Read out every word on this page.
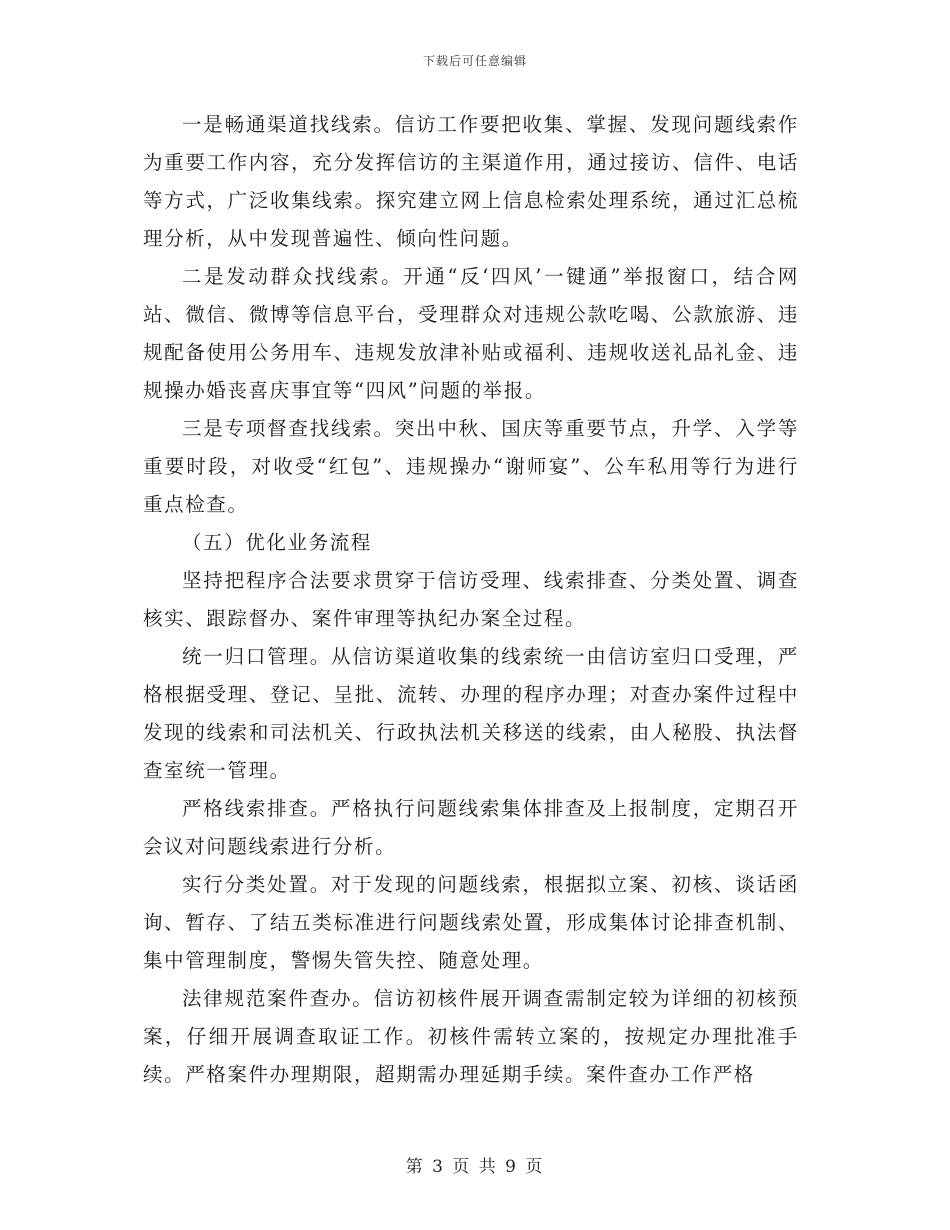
下载后可任意编辑

一是畅通渠道找线索。信访工作要把收集、掌握、发现问题线索作为重要工作内容，充分发挥信访的主渠道作用，通过接访、信件、电话等方式，广泛收集线索。探究建立网上信息检索处理系统，通过汇总梳理分析，从中发现普遍性、倾向性问题。

二是发动群众找线索。开通“反‘四风’一键通”举报窗口，结合网站、微信、微博等信息平台，受理群众对违规公款吃喝、公款旅游、违规配备使用公务用车、违规发放津补贴或福利、违规收送礼品礼金、违规操办婚丧喜庆事宜等“四风”问题的举报。

三是专项督查找线索。突出中秋、国庆等重要节点，升学、入学等重要时段，对收受“红包”、违规操办“谢师宴”、公车私用等行为进行重点检查。

（五）优化业务流程

坚持把程序合法要求贯穿于信访受理、线索排查、分类处置、调查核实、跟踪督办、案件审理等执纪办案全过程。

统一归口管理。从信访渠道收集的线索统一由信访室归口受理，严格根据受理、登记、呈批、流转、办理的程序办理；对查办案件过程中发现的线索和司法机关、行政执法机关移送的线索，由人秘股、执法督查室统一管理。

严格线索排查。严格执行问题线索集体排查及上报制度，定期召开会议对问题线索进行分析。

实行分类处置。对于发现的问题线索，根据拟立案、初核、谈话函询、暂存、了结五类标准进行问题线索处置，形成集体讨论排查机制、集中管理制度，警惕失管失控、随意处理。

法律规范案件查办。信访初核件展开调查需制定较为详细的初核预案，仔细开展调查取证工作。初核件需转立案的，按规定办理批准手续。严格案件办理期限，超期需办理延期手续。案件查办工作严格

第 3 页 共 9 页
